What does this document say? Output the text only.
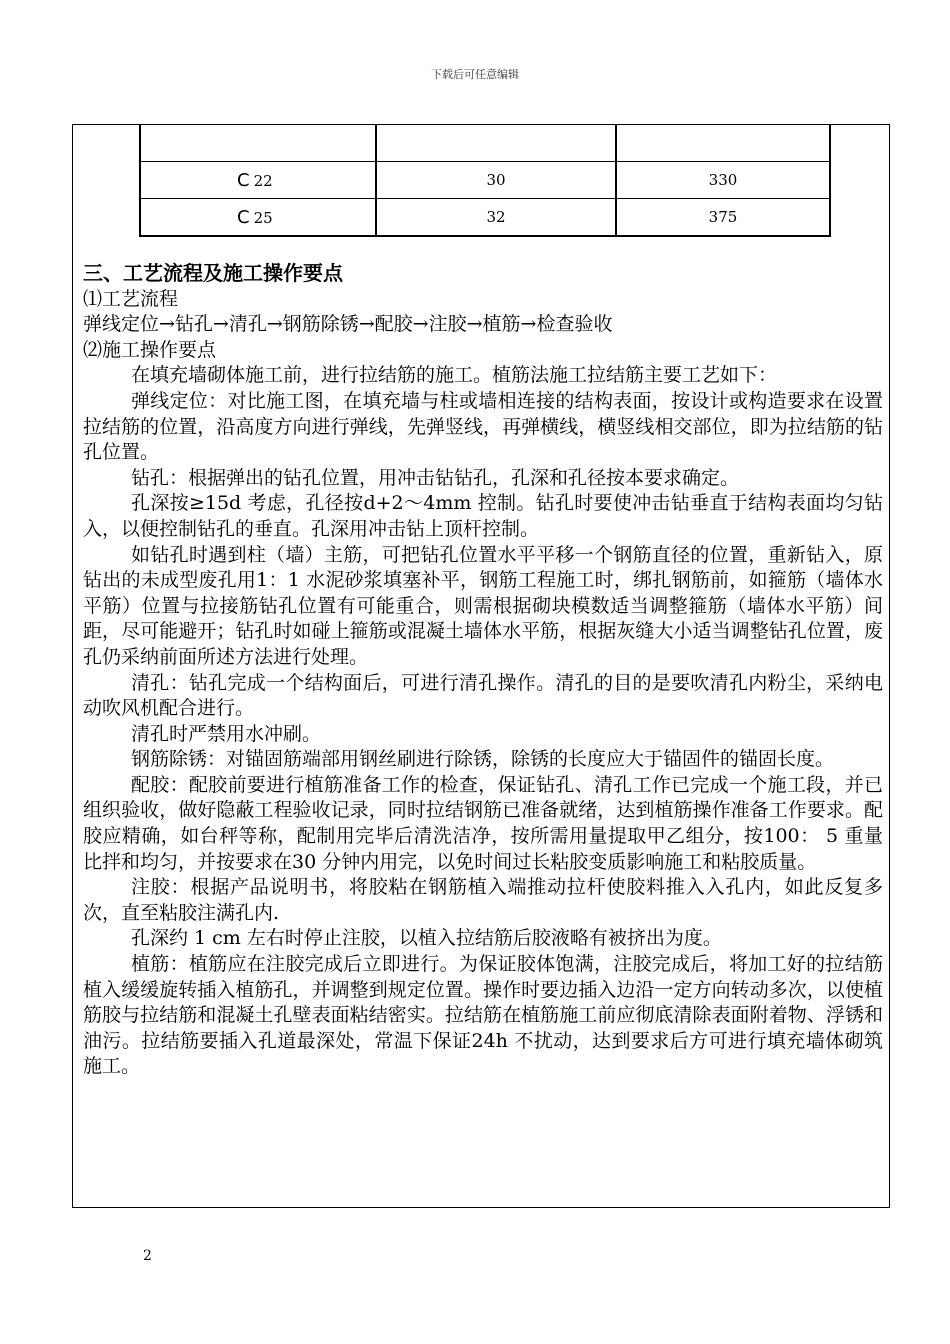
下载后可任意编辑

C 22	30	330
C 25	32	375
三、工艺流程及施工操作要点

⑴工艺流程

弹线定位→钻孔→清孔→钢筋除锈→配胶→注胶→植筋→检查验收

⑵施工操作要点

在填充墙砌体施工前，进行拉结筋的施工。植筋法施工拉结筋主要工艺如下：

弹线定位：对比施工图，在填充墙与柱或墙相连接的结构表面，按设计或构造要求在设置拉结筋的位置，沿高度方向进行弹线，先弹竖线，再弹横线，横竖线相交部位，即为拉结筋的钻孔位置。

钻孔：根据弹出的钻孔位置，用冲击钻钻孔，孔深和孔径按本要求确定。

孔深按≥15d 考虑，孔径按d+2～4mm 控制。钻孔时要使冲击钻垂直于结构表面均匀钻入，以便控制钻孔的垂直。孔深用冲击钻上顶杆控制。

如钻孔时遇到柱（墙）主筋，可把钻孔位置水平平移一个钢筋直径的位置，重新钻入，原钻出的未成型废孔用1：1 水泥砂浆填塞补平，钢筋工程施工时，绑扎钢筋前，如箍筋（墙体水平筋）位置与拉接筋钻孔位置有可能重合，则需根据砌块模数适当调整箍筋（墙体水平筋）间距，尽可能避开；钻孔时如碰上箍筋或混凝土墙体水平筋，根据灰缝大小适当调整钻孔位置，废孔仍采纳前面所述方法进行处理。

清孔：钻孔完成一个结构面后，可进行清孔操作。清孔的目的是要吹清孔内粉尘，采纳电动吹风机配合进行。

清孔时严禁用水冲刷。

钢筋除锈：对锚固筋端部用钢丝刷进行除锈，除锈的长度应大于锚固件的锚固长度。

配胶：配胶前要进行植筋准备工作的检查，保证钻孔、清孔工作已完成一个施工段，并已组织验收，做好隐蔽工程验收记录，同时拉结钢筋已准备就绪，达到植筋操作准备工作要求。配胶应精确，如台秤等称，配制用完毕后清洗洁净，按所需用量提取甲乙组分，按100： 5 重量比拌和均匀，并按要求在30 分钟内用完，以免时间过长粘胶变质影响施工和粘胶质量。

注胶：根据产品说明书，将胶粘在钢筋植入端推动拉杆使胶料推入入孔内，如此反复多次，直至粘胶注满孔内.

孔深约 1 cm 左右时停止注胶，以植入拉结筋后胶液略有被挤出为度。

植筋：植筋应在注胶完成后立即进行。为保证胶体饱满，注胶完成后，将加工好的拉结筋植入缓缓旋转插入植筋孔，并调整到规定位置。操作时要边插入边沿一定方向转动多次，以使植筋胶与拉结筋和混凝土孔壁表面粘结密实。拉结筋在植筋施工前应彻底清除表面附着物、浮锈和油污。拉结筋要插入孔道最深处，常温下保证24h 不扰动，达到要求后方可进行填充墙体砌筑施工。

2
